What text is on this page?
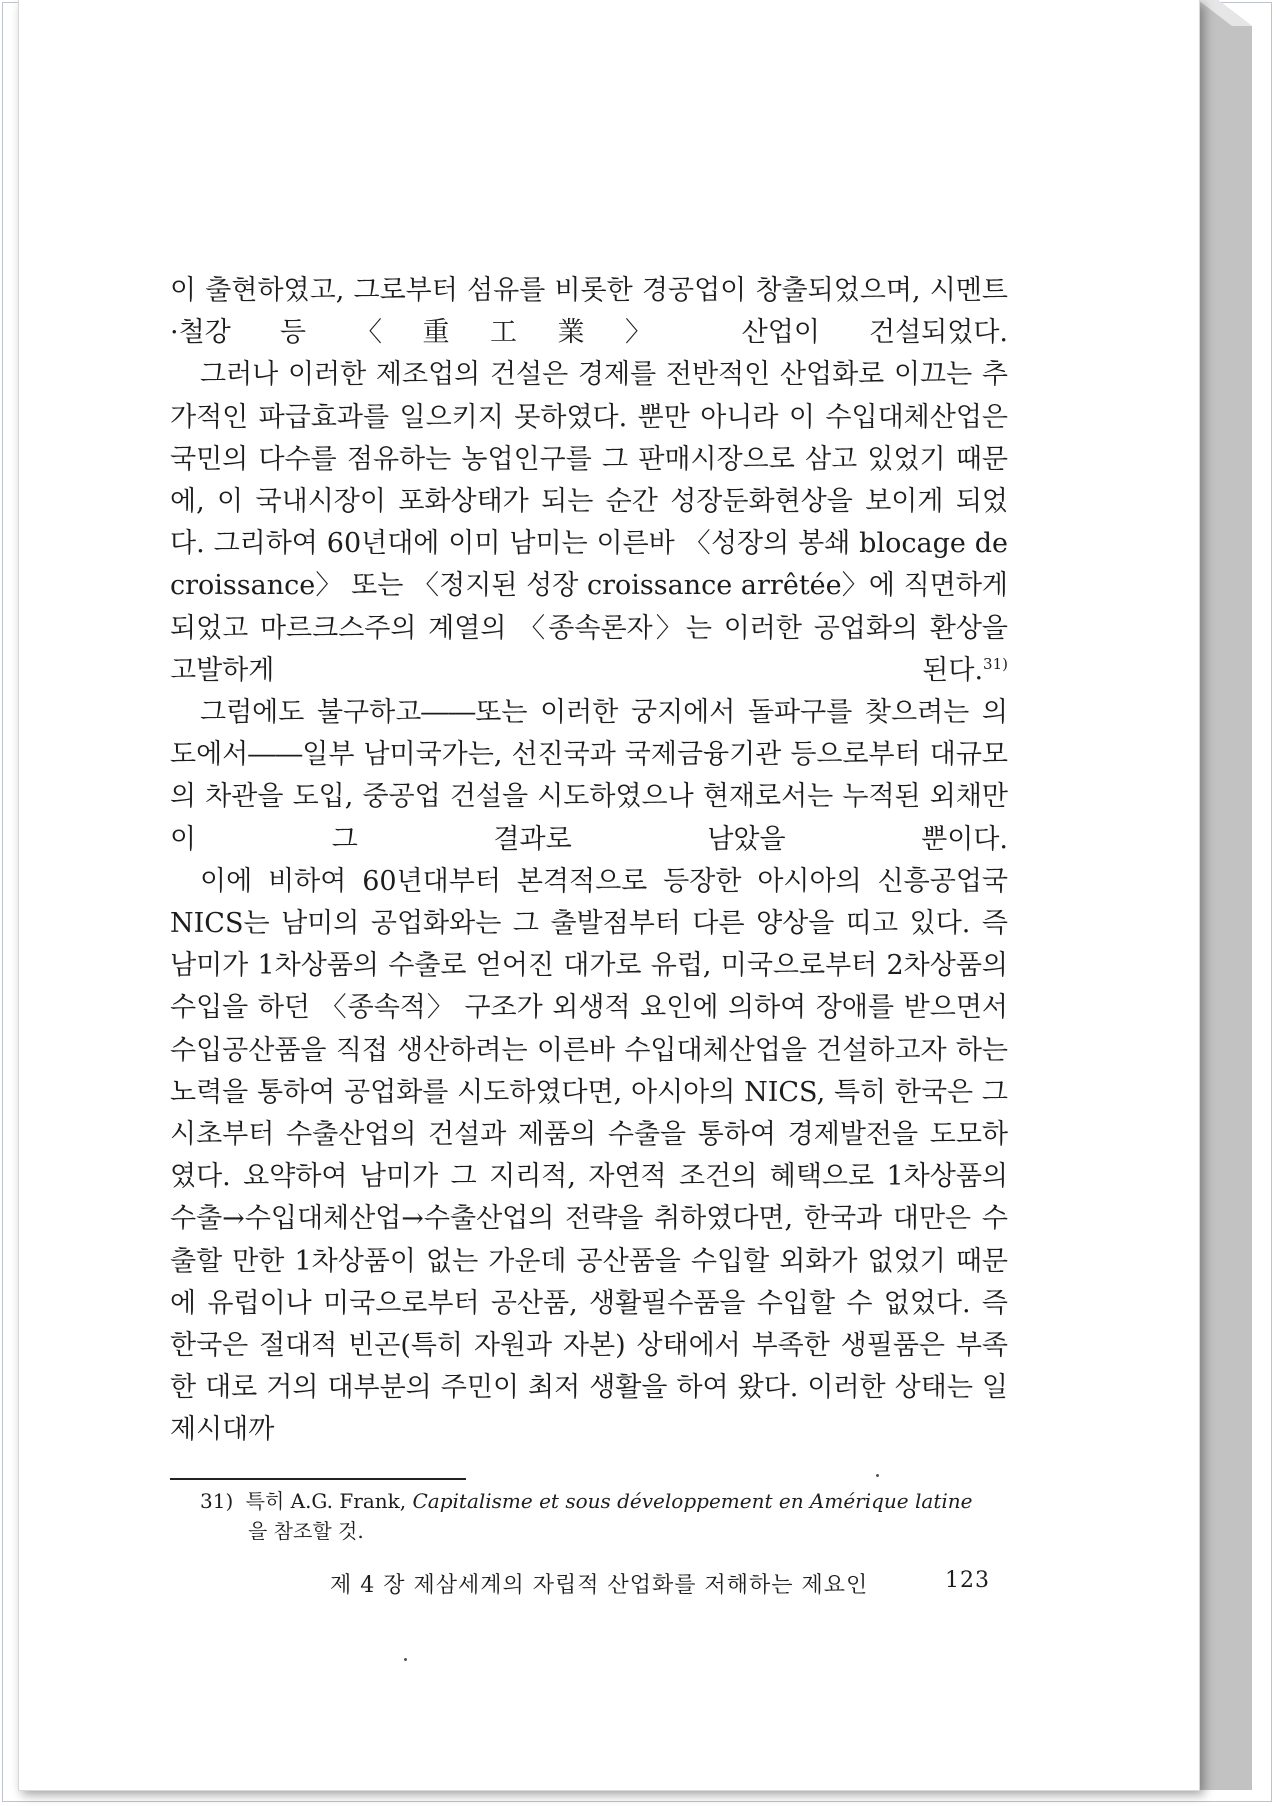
이 출현하였고, 그로부터 섬유를 비롯한 경공업이 창출되었으며, 시멘트·철강 등 〈重工業〉 산업이 건설되었다.

그러나 이러한 제조업의 건설은 경제를 전반적인 산업화로 이끄는 추가적인 파급효과를 일으키지 못하였다. 뿐만 아니라 이 수입대체산업은 국민의 다수를 점유하는 농업인구를 그 판매시장으로 삼고 있었기 때문에, 이 국내시장이 포화상태가 되는 순간 성장둔화현상을 보이게 되었다. 그리하여 60년대에 이미 남미는 이른바 〈성장의 봉쇄 blocage de croissance〉 또는 〈정지된 성장 croissance arrêtée〉에 직면하게 되었고 마르크스주의 계열의 〈종속론자〉는 이러한 공업화의 환상을 고발하게 된다.$^{31)}$

그럼에도 불구하고――또는 이러한 궁지에서 돌파구를 찾으려는 의도에서――일부 남미국가는, 선진국과 국제금융기관 등으로부터 대규모의 차관을 도입, 중공업 건설을 시도하였으나 현재로서는 누적된 외채만이 그 결과로 남았을 뿐이다.

이에 비하여 60년대부터 본격적으로 등장한 아시아의 신흥공업국 NICS는 남미의 공업화와는 그 출발점부터 다른 양상을 띠고 있다. 즉 남미가 1차상품의 수출로 얻어진 대가로 유럽, 미국으로부터 2차상품의 수입을 하던 〈종속적〉 구조가 외생적 요인에 의하여 장애를 받으면서 수입공산품을 직접 생산하려는 이른바 수입대체산업을 건설하고자 하는 노력을 통하여 공업화를 시도하였다면, 아시아의 NICS, 특히 한국은 그 시초부터 수출산업의 건설과 제품의 수출을 통하여 경제발전을 도모하였다. 요약하여 남미가 그 지리적, 자연적 조건의 혜택으로 1차상품의 수출→수입대체산업→수출산업의 전략을 취하였다면, 한국과 대만은 수출할 만한 1차상품이 없는 가운데 공산품을 수입할 외화가 없었기 때문에 유럽이나 미국으로부터 공산품, 생활필수품을 수입할 수 없었다. 즉 한국은 절대적 빈곤(특히 자원과 자본) 상태에서 부족한 생필품은 부족한 대로 거의 대부분의 주민이 최저 생활을 하여 왔다. 이러한 상태는 일제시대까

31) 특히 A.G. Frank, Capitalisme et sous développement en Amérique latine
을 참조할 것.
제 4 장 제삼세계의 자립적 산업화를 저해하는 제요인	123
